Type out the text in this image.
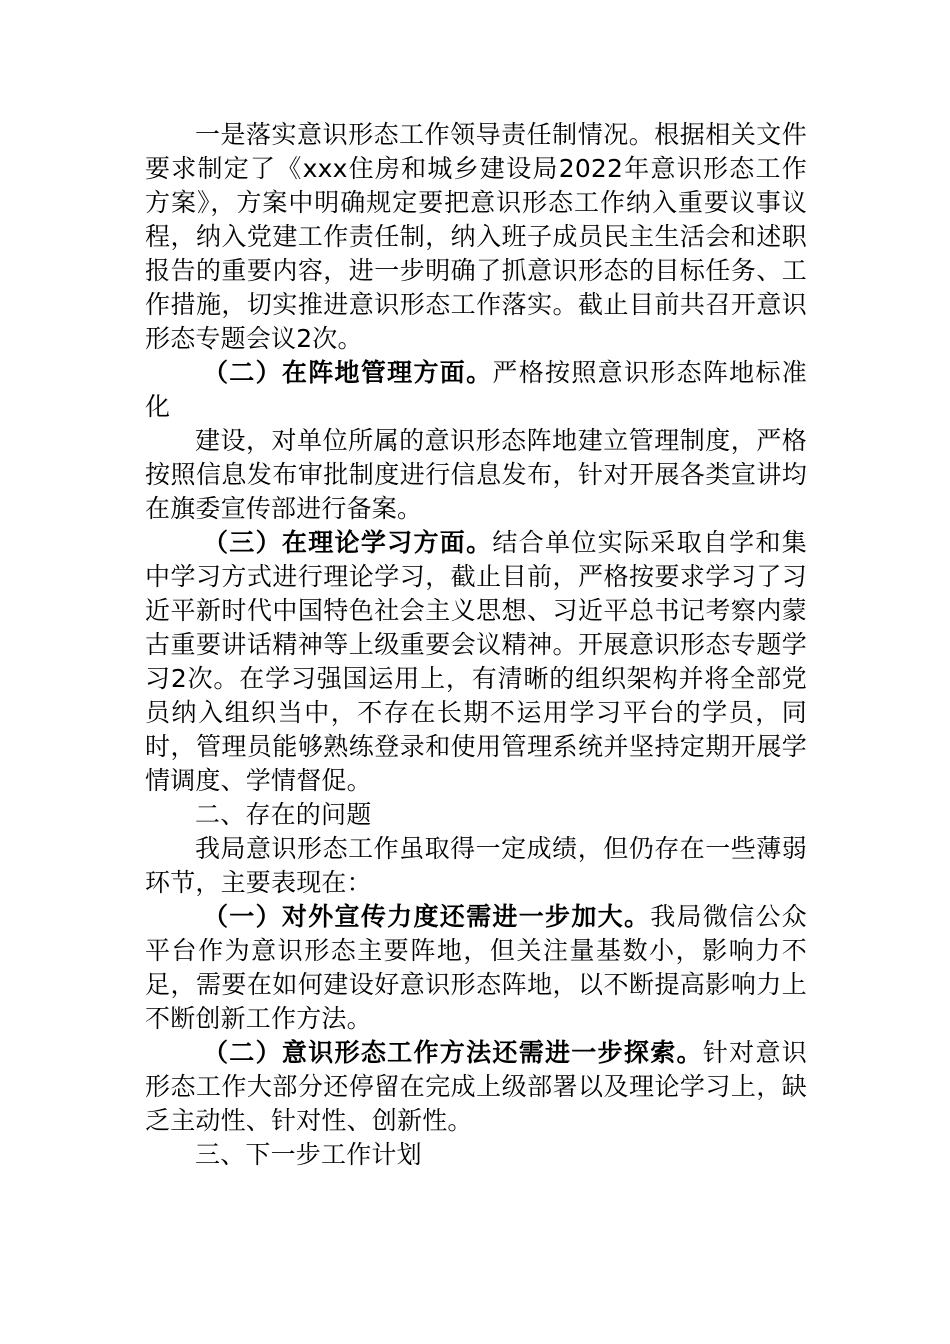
一是落实意识形态工作领导责任制情况。根据相关文件要求制定了《xxx住房和城乡建设局2022年意识形态工作方案》，方案中明确规定要把意识形态工作纳入重要议事议程，纳入党建工作责任制，纳入班子成员民主生活会和述职报告的重要内容，进一步明确了抓意识形态的目标任务、工作措施，切实推进意识形态工作落实。截止目前共召开意识形态专题会议2次。

（二）在阵地管理方面。严格按照意识形态阵地标准化

建设，对单位所属的意识形态阵地建立管理制度，严格按照信息发布审批制度进行信息发布，针对开展各类宣讲均在旗委宣传部进行备案。

（三）在理论学习方面。结合单位实际采取自学和集中学习方式进行理论学习，截止目前，严格按要求学习了习近平新时代中国特色社会主义思想、习近平总书记考察内蒙古重要讲话精神等上级重要会议精神。开展意识形态专题学习2次。在学习强国运用上，有清晰的组织架构并将全部党员纳入组织当中，不存在长期不运用学习平台的学员，同时，管理员能够熟练登录和使用管理系统并坚持定期开展学情调度、学情督促。

二、存在的问题

我局意识形态工作虽取得一定成绩，但仍存在一些薄弱环节，主要表现在：

（一）对外宣传力度还需进一步加大。我局微信公众平台作为意识形态主要阵地，但关注量基数小，影响力不足，需要在如何建设好意识形态阵地，以不断提高影响力上不断创新工作方法。

（二）意识形态工作方法还需进一步探索。针对意识形态工作大部分还停留在完成上级部署以及理论学习上，缺乏主动性、针对性、创新性。

三、下一步工作计划
